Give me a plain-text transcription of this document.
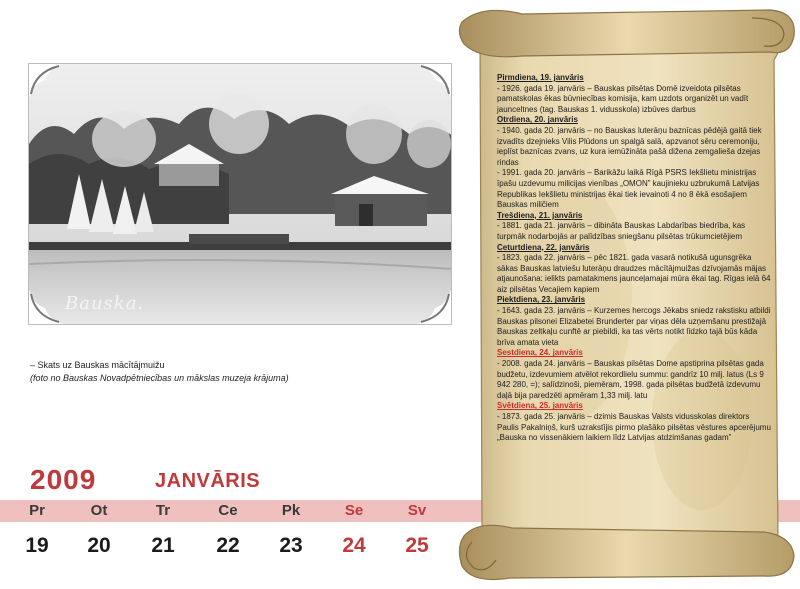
Bauska.
– Skats uz Bauskas mācītājmuižu
(foto no Bauskas Novadpētniecības un mākslas muzeja krājuma)
2009	JANVĀRIS
Pr	Ot	Tr	Ce	Pk	Se	Sv
19	20	21	22	23	24	25
Pirmdiena, 19. janvāris
- 1926. gada 19. janvāris – Bauskas pilsētas Domē izveidota pilsētas pamatskolas ēkas būvniecības komisija, kam uzdots organizēt un vadīt jaunceltnes (tag. Bauskas 1. vidusskola) izbūves darbus
Otrdiena, 20. janvāris
- 1940. gada 20. janvāris – no Bauskas luterāņu baznīcas pēdējā gaitā tiek izvadīts dzejnieks Vilis Plūdons un spalgā salā, apzvanot sēru ceremoniju, ieplīst baznīcas zvans, uz kura iemūžināta pašā dižena zemgalieša dzejas rindas
- 1991. gada 20. janvāris – Barikāžu laikā Rīgā PSRS Iekšlietu ministrijas īpašu uzdevumu milicijas vienības „OMON” kaujinieku uzbrukumā Latvijas Republikas Iekšlietu ministrijas ēkai tiek ievainoti 4 no 8 ēkā esošajiem Bauskas miličiem
Trešdiena, 21. janvāris
- 1881. gada 21. janvāris – dibināta Bauskas Labdarības biedrība, kas turpmāk nodarbojās ar palīdzības sniegšanu pilsētas trūkumcietējiem
Ceturtdiena, 22. janvāris
- 1823. gada 22. janvāris – pēc 1821. gada vasarā notikušā ugunsgrēka sākas Bauskas latviešu luterāņu draudzes mācītājmuižas dzīvojamās mājas atjaunošana: ielikts pamatakmens jaunceļamajai mūra ēkai tag. Rīgas ielā 64 aiz pilsētas Vecajiem kapiem
Piektdiena, 23. janvāris
- 1643. gada 23. janvāris – Kurzemes hercogs Jēkabs sniedz rakstisku atbildi Bauskas pilsonei Elizabetei Brunderter par viņas dēla uzņemšanu prestižajā Bauskas zeltkaļu cunftē ar piebildi, ka tas vērts notikt līdzko tajā būs kāda brīva amata vieta
Sestdiena, 24. janvāris
- 2008. gada 24. janvāris – Bauskas pilsētas Dome apstiprina pilsētas gada budžetu, izdevumiem atvēlot rekordlielu summu: gandrīz 10 milj. latus (Ls 9 942 280, =); salīdzinoši, piemēram, 1998. gada pilsētas budžetā izdevumu daļā bija paredzēti apmēram 1,33 milj. latu
Svētdiena, 25. janvāris
- 1873. gada 25. janvāris – dzimis Bauskas Valsts vidusskolas direktors Paulis Pakalniņš, kurš uzrakstījis pirmo plašāko pilsētas vēstures apcerējumu „Bauska no vissenākiem laikiem līdz Latvijas atdzimšanas gadam”
